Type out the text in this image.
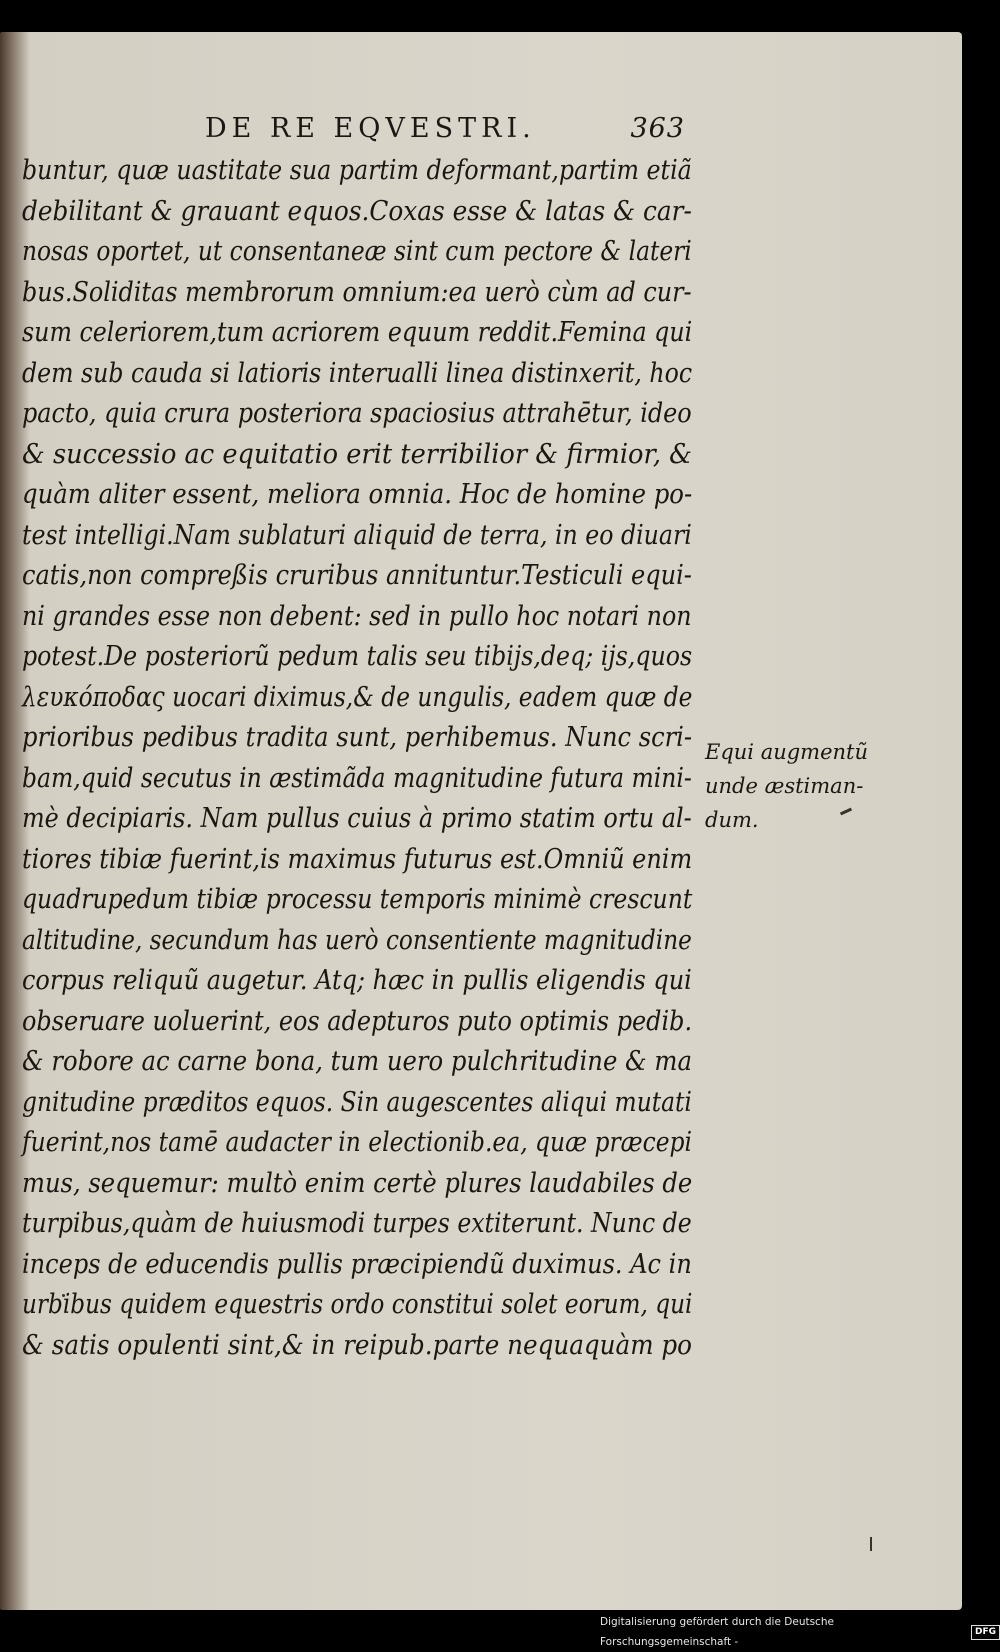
DE RE EQVESTRI.	363
buntur, quæ uastitate sua partim deformant,partim etiã
debilitant & grauant equos.Coxas esse & latas & car-
nosas oportet, ut consentaneæ sint cum pectore & lateri
bus.Soliditas membrorum omnium:ea uerò cùm ad cur-
sum celeriorem,tum acriorem equum reddit.Femina qui
dem sub cauda si latioris interualli linea distinxerit, hoc
pacto, quia crura posteriora spaciosius attrahētur, ideo
& successio ac equitatio erit terribilior & firmior, &
quàm aliter essent, meliora omnia. Hoc de homine po-
test intelligi.Nam sublaturi aliquid de terra, in eo diuari
catis,non compreßis cruribus annituntur.Testiculi equi-
ni grandes esse non debent: sed in pullo hoc notari non
potest.De posteriorũ pedum talis seu tibijs,deq; ijs,quos
λευκόποδας uocari diximus,& de ungulis, eadem quæ de
prioribus pedibus tradita sunt, perhibemus. Nunc scri-
bam,quid secutus in æstimãda magnitudine futura mini-
mè decipiaris. Nam pullus cuius à primo statim ortu al-
tiores tibiæ fuerint,is maximus futurus est.Omniũ enim
quadrupedum tibiæ processu temporis minimè crescunt
altitudine, secundum has uerò consentiente magnitudine
corpus reliquũ augetur. Atq; hæc in pullis eligendis qui
obseruare uoluerint, eos adepturos puto optimis pedib.
& robore ac carne bona, tum uero pulchritudine & ma
gnitudine præditos equos. Sin augescentes aliqui mutati
fuerint,nos tamē audacter in electionib.ea, quæ præcepi
mus, sequemur: multò enim certè plures laudabiles de
turpibus,quàm de huiusmodi turpes extiterunt. Nunc de
inceps de educendis pullis præcipiendũ duximus. Ac in
urbibus quidem equestris ordo constitui solet eorum, qui
& satis opulenti sint,& in reipub.parte nequaquàm po
Equi augmentũ
unde æstiman-
dum.
Digitalisierung gefördert durch die Deutsche Forschungsgemeinschaft -
DFG
